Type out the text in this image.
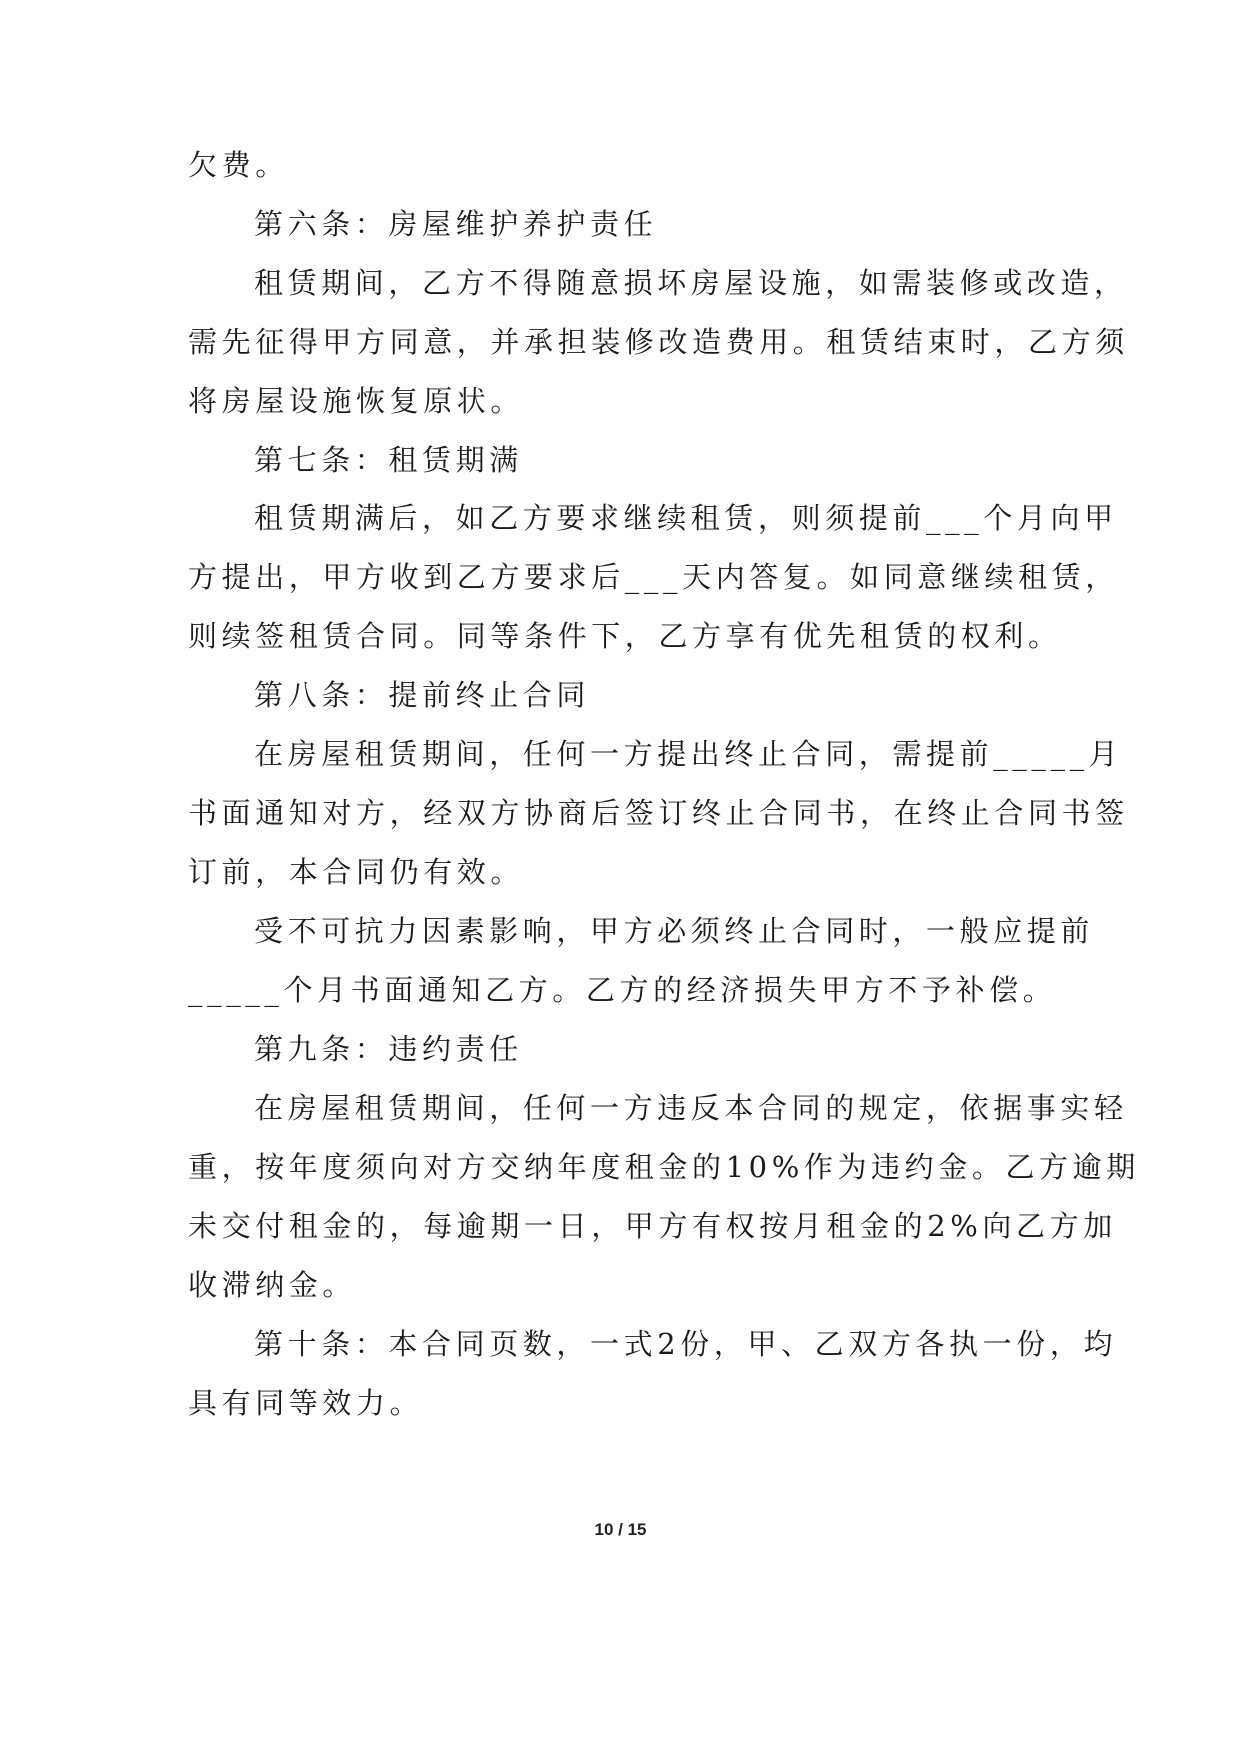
欠费。
第六条：房屋维护养护责任
租赁期间，乙方不得随意损坏房屋设施，如需装修或改造，
需先征得甲方同意，并承担装修改造费用。租赁结束时，乙方须
将房屋设施恢复原状。
第七条：租赁期满
租赁期满后，如乙方要求继续租赁，则须提前___个月向甲
方提出，甲方收到乙方要求后___天内答复。如同意继续租赁，
则续签租赁合同。同等条件下，乙方享有优先租赁的权利。
第八条：提前终止合同
在房屋租赁期间，任何一方提出终止合同，需提前_____月
书面通知对方，经双方协商后签订终止合同书，在终止合同书签
订前，本合同仍有效。
受不可抗力因素影响，甲方必须终止合同时，一般应提前
_____个月书面通知乙方。乙方的经济损失甲方不予补偿。
第九条：违约责任
在房屋租赁期间，任何一方违反本合同的规定，依据事实轻
重，按年度须向对方交纳年度租金的10%作为违约金。乙方逾期
未交付租金的，每逾期一日，甲方有权按月租金的2%向乙方加
收滞纳金。
第十条：本合同页数，一式2份，甲、乙双方各执一份，均
具有同等效力。
10 / 15
